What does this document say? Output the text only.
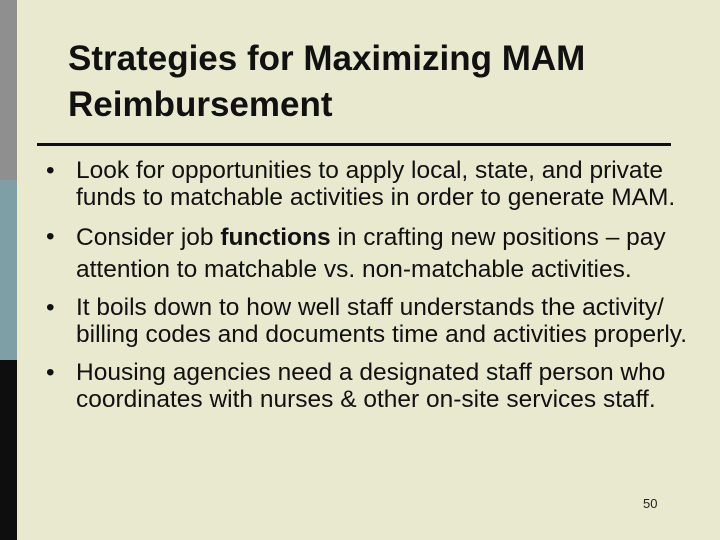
Strategies for Maximizing MAM
Reimbursement
• Look for opportunities to apply local, state, and private funds to matchable activities in order to generate MAM.
• Consider job functions in crafting new positions – pay attention to matchable vs. non-matchable activities.
• It boils down to how well staff understands the activity/ billing codes and documents time and activities properly.
• Housing agencies need a designated staff person who coordinates with nurses & other on-site services staff.
50
